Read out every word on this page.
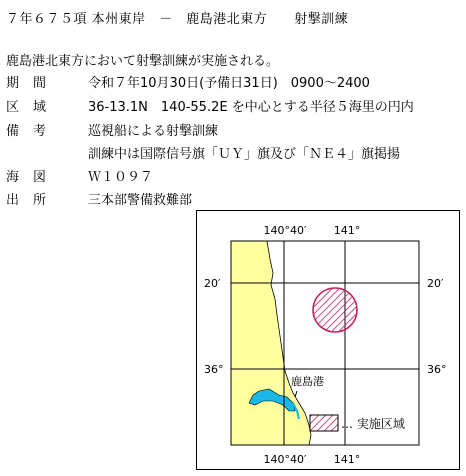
７年６７５項 本州東岸　 －　 鹿島港北東方　　 射撃訓練
鹿島港北東方において射撃訓練が実施される。
期間 令和７年10月30日(予備日31日)　0900～2400
区域 36-13.1N　140-55.2E を中心とする半径５海里の円内
備考 巡視船による射撃訓練
訓練中は国際信号旗「ＵＹ」旗及び「ＮＥ４」旗掲揚
海図 Ｗ１０９７
出所 三本部警備救難部
140°40′ 141°
140°40′ 141°
20′
36°
20′
36°
鹿島港
… 実施区域
